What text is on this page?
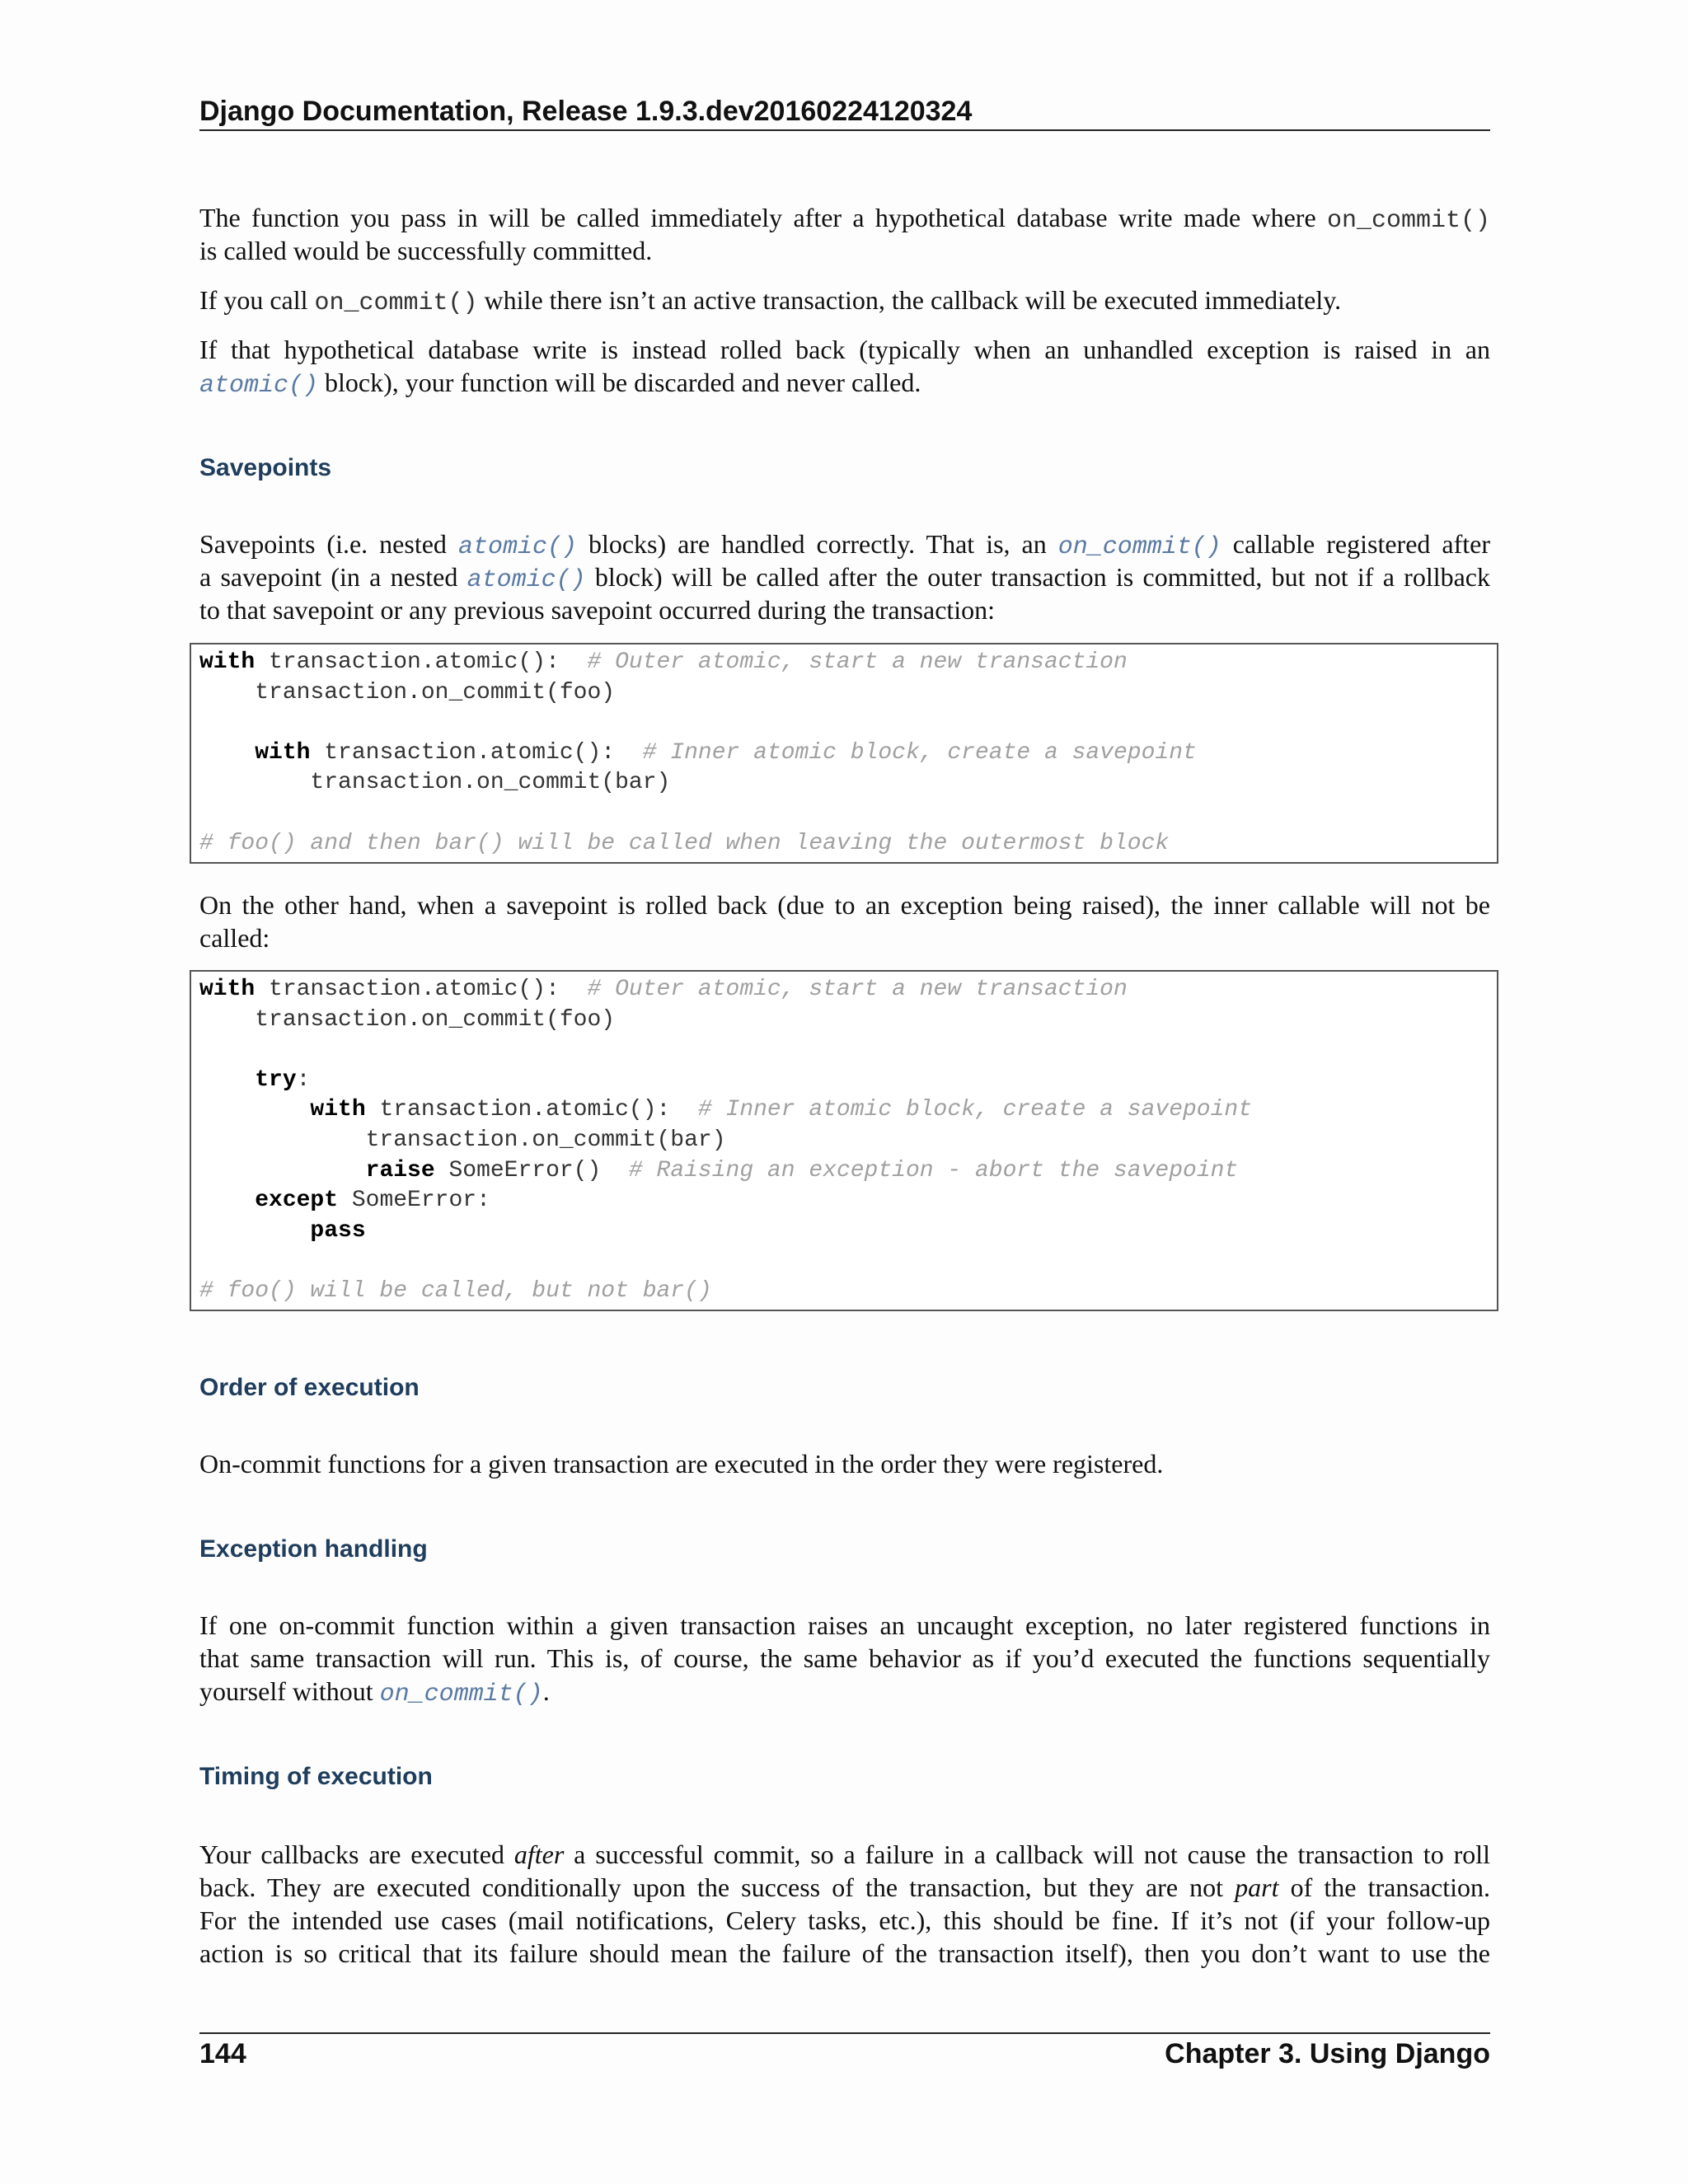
Django Documentation, Release 1.9.3.dev20160224120324
The function you pass in will be called immediately after a hypothetical database write made where on_commit()
is called would be successfully committed.
If you call on_commit() while there isn’t an active transaction, the callback will be executed immediately.
If that hypothetical database write is instead rolled back (typically when an unhandled exception is raised in an
atomic() block), your function will be discarded and never called.
Savepoints
Savepoints (i.e. nested atomic() blocks) are handled correctly. That is, an on_commit() callable registered after
a savepoint (in a nested atomic() block) will be called after the outer transaction is committed, but not if a rollback
to that savepoint or any previous savepoint occurred during the transaction:
with transaction.atomic():  # Outer atomic, start a new transaction
transaction.on_commit(foo)

with transaction.atomic():  # Inner atomic block, create a savepoint
transaction.on_commit(bar)

# foo() and then bar() will be called when leaving the outermost block
On the other hand, when a savepoint is rolled back (due to an exception being raised), the inner callable will not be
called:
with transaction.atomic():  # Outer atomic, start a new transaction
transaction.on_commit(foo)

try:
with transaction.atomic():  # Inner atomic block, create a savepoint
transaction.on_commit(bar)
raise SomeError()  # Raising an exception - abort the savepoint
except SomeError:
pass

# foo() will be called, but not bar()
Order of execution
On-commit functions for a given transaction are executed in the order they were registered.
Exception handling
If one on-commit function within a given transaction raises an uncaught exception, no later registered functions in
that same transaction will run. This is, of course, the same behavior as if you’d executed the functions sequentially
yourself without on_commit().
Timing of execution
Your callbacks are executed after a successful commit, so a failure in a callback will not cause the transaction to roll
back. They are executed conditionally upon the success of the transaction, but they are not part of the transaction.
For the intended use cases (mail notifications, Celery tasks, etc.), this should be fine. If it’s not (if your follow-up
action is so critical that its failure should mean the failure of the transaction itself), then you don’t want to use the
144	Chapter 3. Using Django
